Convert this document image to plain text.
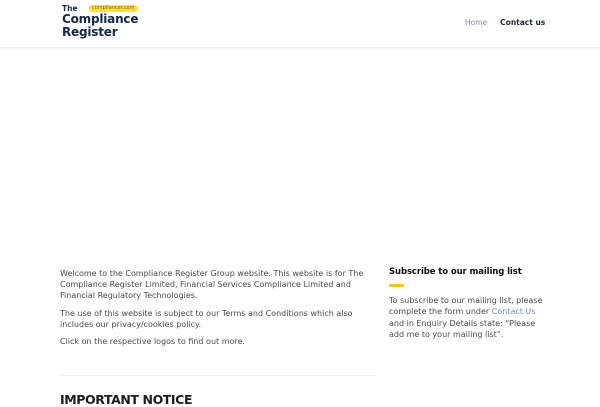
The	compliancer.com
Compliance
Register
Home Contact us

Welcome to the Compliance Register Group website. This website is for The Compliance Register Limited, Financial Services Compliance Limited and Financial Regulatory Technologies.

The use of this website is subject to our Terms and Conditions which also includes our privacy/cookies policy.

Click on the respective logos to find out more.

IMPORTANT NOTICE
Subscribe to our mailing list
To subscribe to our mailing list, please complete the form under Contact Us and in Enquiry Details state: “Please add me to your mailing list”.
